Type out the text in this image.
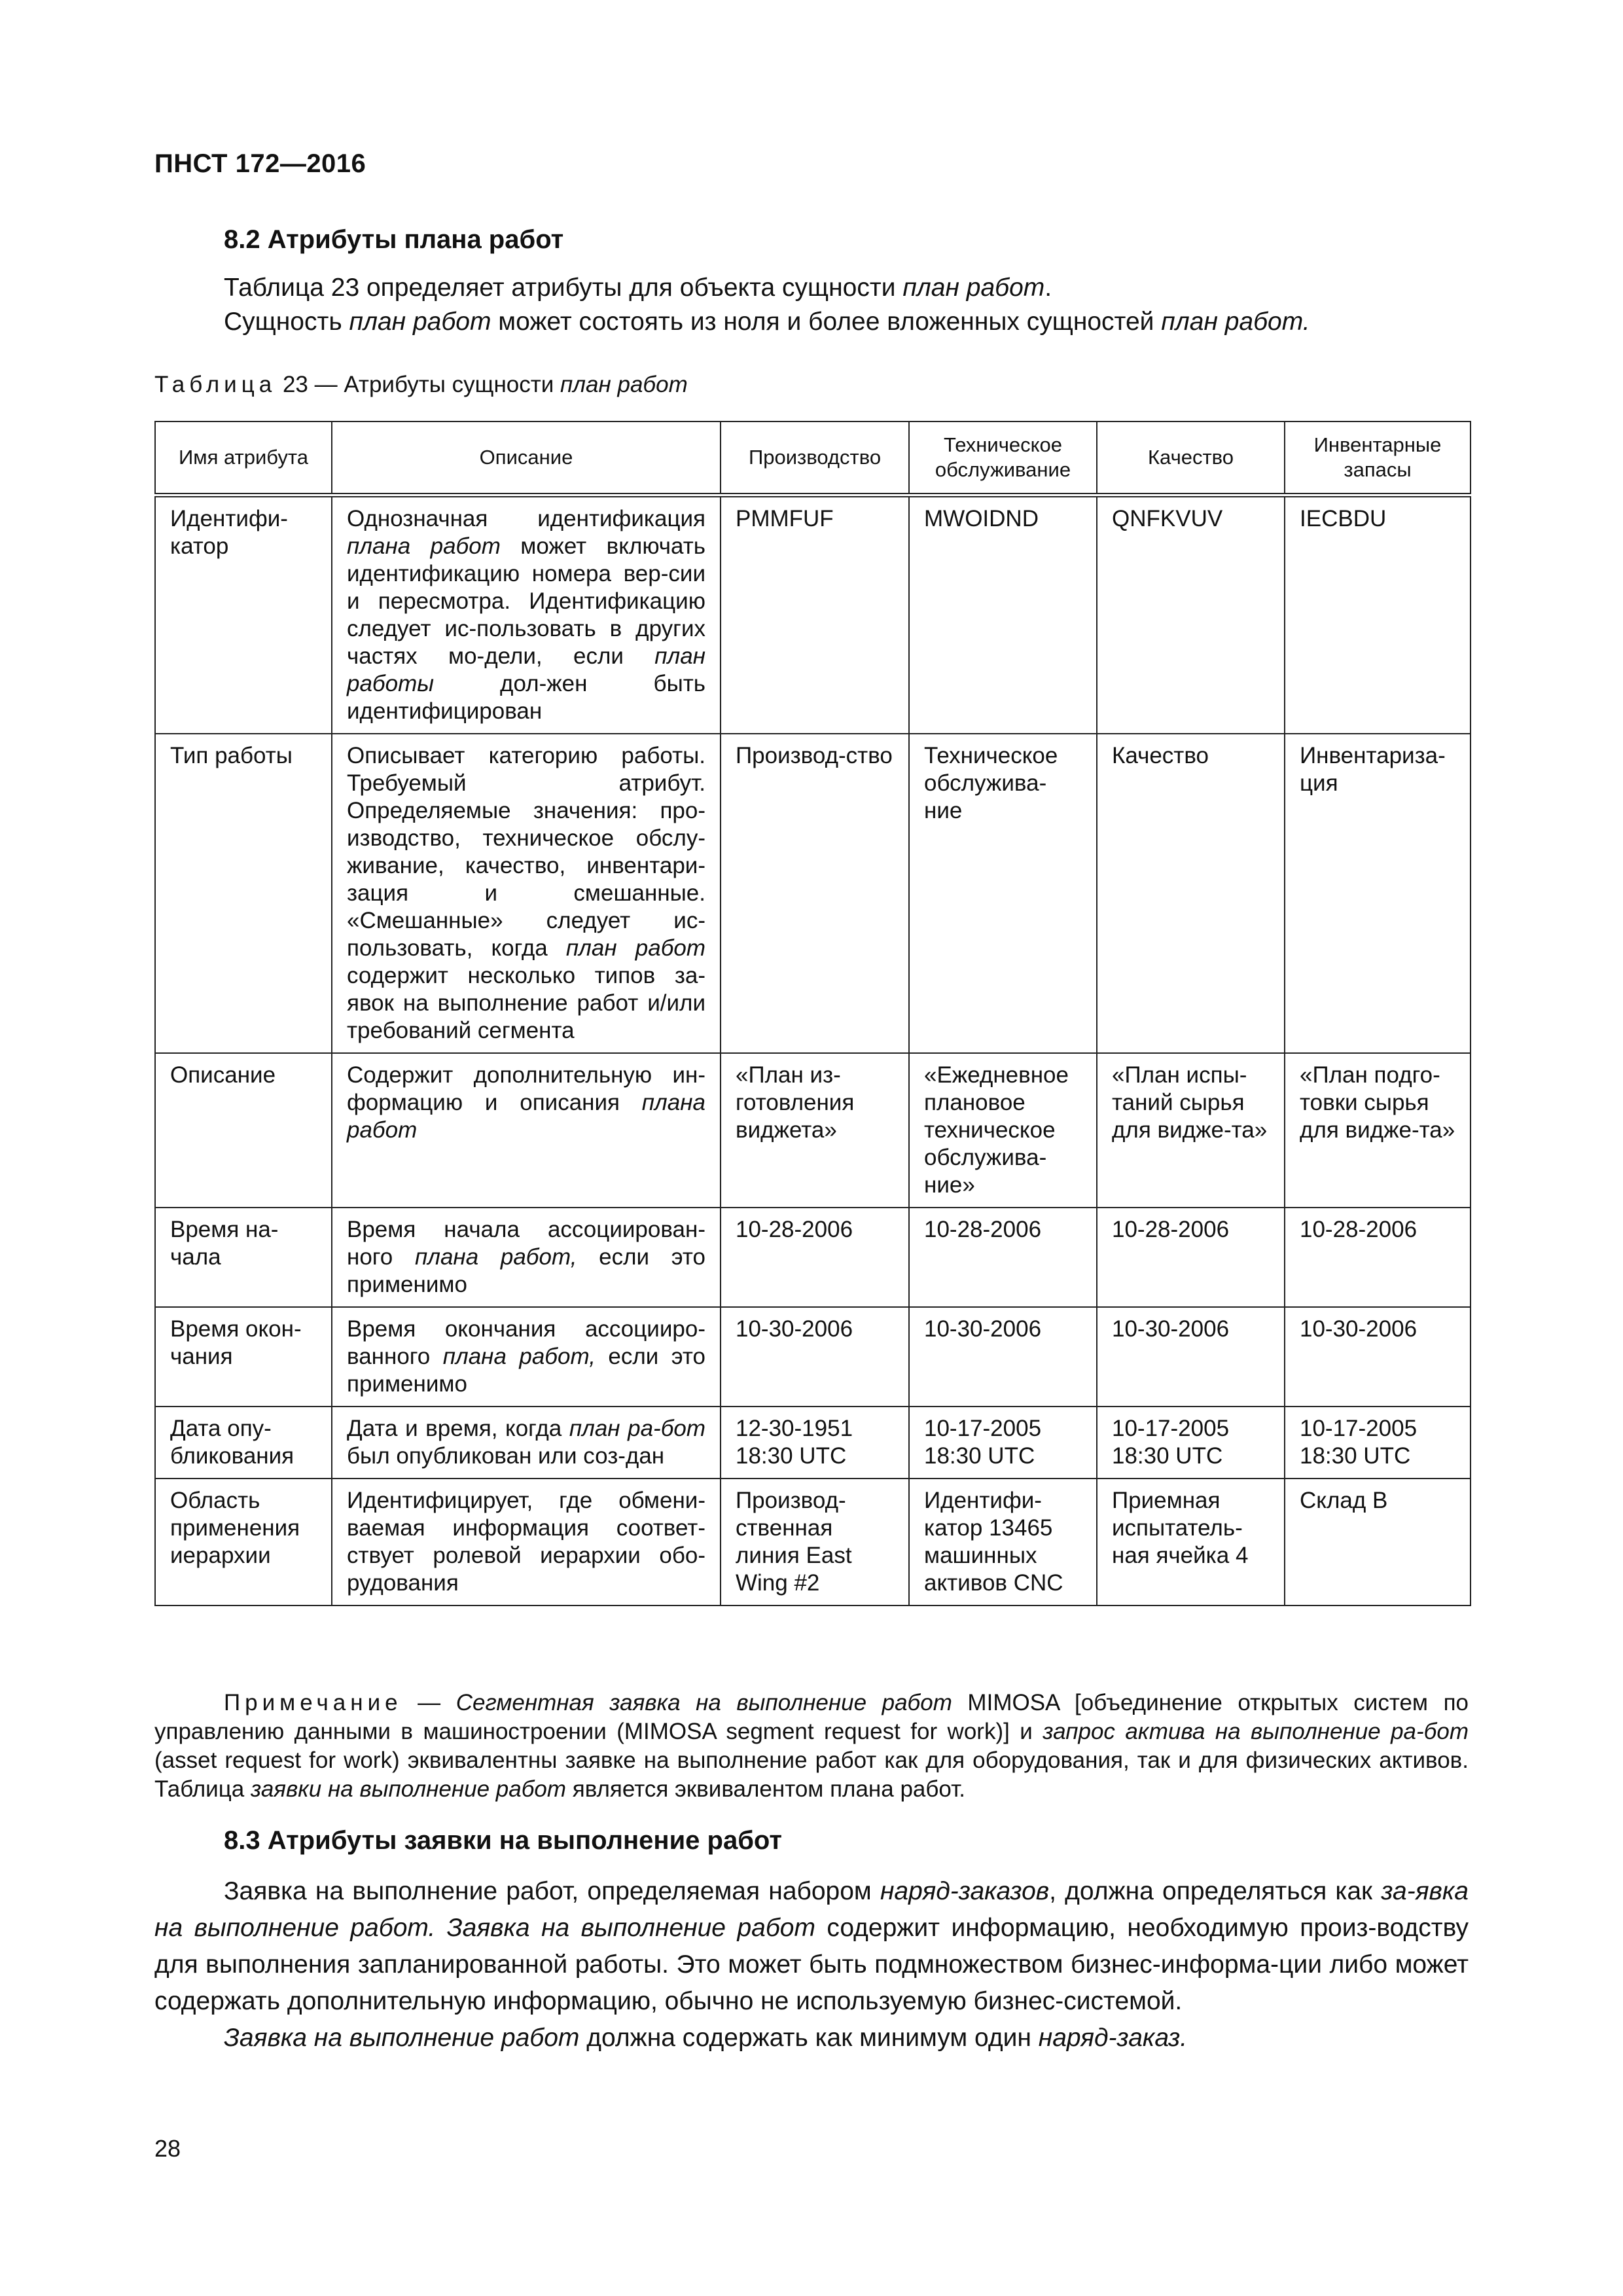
ПНСТ 172—2016
8.2 Атрибуты плана работ
Таблица 23 определяет атрибуты для объекта сущности план работ.
Сущность план работ может состоять из ноля и более вложенных сущностей план работ.
Таблица 23 — Атрибуты сущности план работ
Имя атрибута	Описание	Производство	Техническое обслуживание	Качество	Инвентарные запасы
Идентифи-катор	Однозначная идентификация плана работ может включать идентификацию номера вер-сии и пересмотра. Идентификацию следует ис-пользовать в других частях мо-дели, если план работы дол-жен быть идентифицирован	PMMFUF	MWOIDND	QNFKVUV	IECBDU
Тип работы	Описывает категорию работы. Требуемый атрибут. Определяемые значения: про-изводство, техническое обслу-живание, качество, инвентари-зация и смешанные. «Смешанные» следует ис-пользовать, когда план работ содержит несколько типов за-явок на выполнение работ и/или требований сегмента	Производ-ство	Техническое обслужива-ние	Качество	Инвентариза-ция
Описание	Содержит дополнительную ин-формацию и описания плана работ	«План из-готовления виджета»	«Ежедневное плановое техническое обслужива-ние»	«План испы-таний сырья для видже-та»	«План подго-товки сырья для видже-та»
Время на-чала	Время начала ассоциирован-ного плана работ, если это применимо	10-28-2006	10-28-2006	10-28-2006	10-28-2006
Время окон-чания	Время окончания ассоцииро-ванного плана работ, если это применимо	10-30-2006	10-30-2006	10-30-2006	10-30-2006
Дата опу-бликования	Дата и время, когда план ра-бот был опубликован или соз-дан	12-30-1951 18:30 UTC	10-17-2005 18:30 UTC	10-17-2005 18:30 UTC	10-17-2005 18:30 UTC
Область применения иерархии	Идентифицирует, где обмени-ваемая информация соответ-ствует ролевой иерархии обо-рудования	Производ-ственная линия East Wing #2	Идентифи-катор 13465 машинных активов CNC	Приемная испытатель-ная ячейка 4	Склад B
Примечание — Сегментная заявка на выполнение работ MIMOSA [объединение открытых систем по управлению данными в машиностроении (MIMOSA segment request for work)] и запрос актива на выполнение ра-бот (asset request for work) эквивалентны заявке на выполнение работ как для оборудования, так и для физических активов. Таблица заявки на выполнение работ является эквивалентом плана работ.
8.3 Атрибуты заявки на выполнение работ
Заявка на выполнение работ, определяемая набором наряд-заказов, должна определяться как за-явка на выполнение работ. Заявка на выполнение работ содержит информацию, необходимую произ-водству для выполнения запланированной работы. Это может быть подмножеством бизнес-информа-ции либо может содержать дополнительную информацию, обычно не используемую бизнес-системой.
Заявка на выполнение работ должна содержать как минимум один наряд-заказ.
28
